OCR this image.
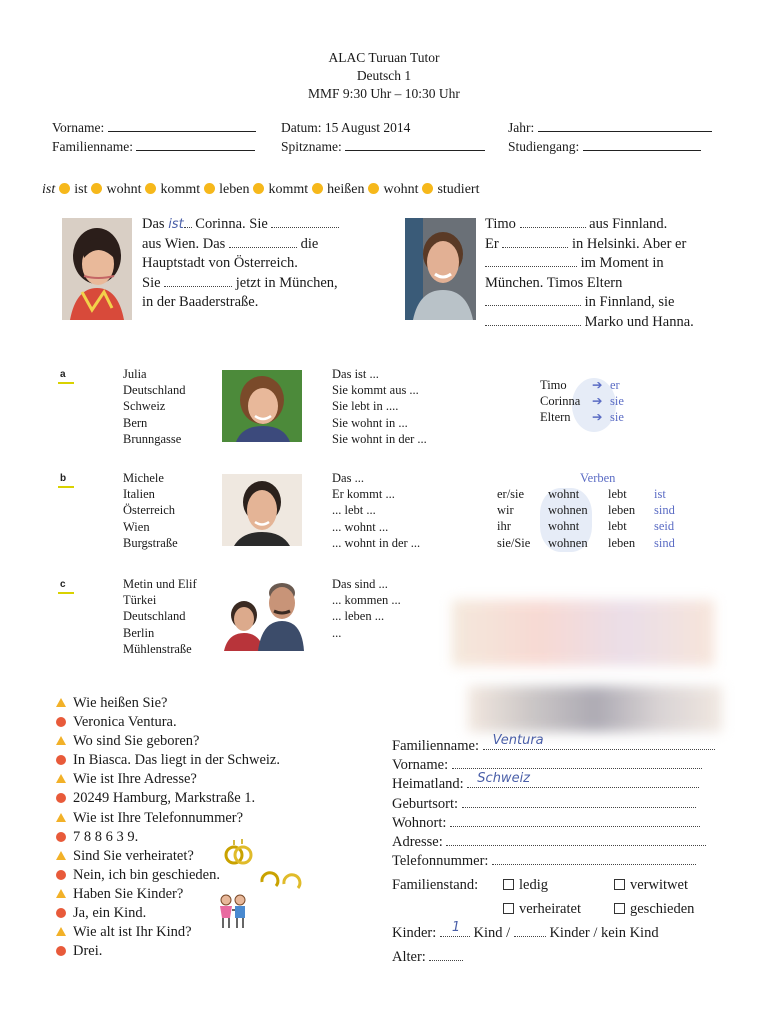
ALAC Turuan Tutor
Deutsch 1
MMF 9:30 Uhr – 10:30 Uhr
Vorname:
Familienname:
Datum: 15 August 2014
Spitzname:
Jahr:
Studiengang:
ist ist wohnt kommt leben kommt heißen wohnt studiert
Das ist Corinna. Sie
aus Wien. Das	die
Hauptstadt von Österreich.
Sie	jetzt in München,
in der Baaderstraße.
Timo	aus Finnland.
Er	in Helsinki. Aber er
im Moment in
München. Timos Eltern
in Finnland, sie
Marko und Hanna.
a	Julia
Deutschland
Schweiz
Bern
Brunngasse
Das ist ...
Sie kommt aus ...
Sie lebt in ....
Sie wohnt in ...
Sie wohnt in der ...
Timo ➔ er
Corinna ➔ sie
Eltern ➔ sie
b	Michele
Italien
Österreich
Wien
Burgstraße
Das ...
Er kommt ...
... lebt ...
... wohnt ...
... wohnt in der ...
Verben
er/sie wohnt lebt ist
wir	wohnen leben sind
ihr	wohnt lebt seid
sie/Sie wohnen leben sind
c	Metin und Elif
Türkei
Deutschland
Berlin
Mühlenstraße
Das sind ...
... kommen ...
... leben ...
...
Wie heißen Sie?
Veronica Ventura.
Wo sind Sie geboren?
In Biasca. Das liegt in der Schweiz.
Wie ist Ihre Adresse?
20249 Hamburg, Markstraße 1.
Wie ist Ihre Telefonnummer?
7 8 8 6 3 9.
Sind Sie verheiratet?
Nein, ich bin geschieden.
Haben Sie Kinder?
Ja, ein Kind.
Wie alt ist Ihr Kind?
Drei.
Familienname: Ventura
Vorname:
Heimatland: Schweiz
Geburtsort:
Wohnort:
Adresse:
Telefonnummer:
Familienstand:	ledig	verwitwet
verheiratet	geschieden
Kinder: 1 Kind /	Kinder / kein Kind
Alter:
